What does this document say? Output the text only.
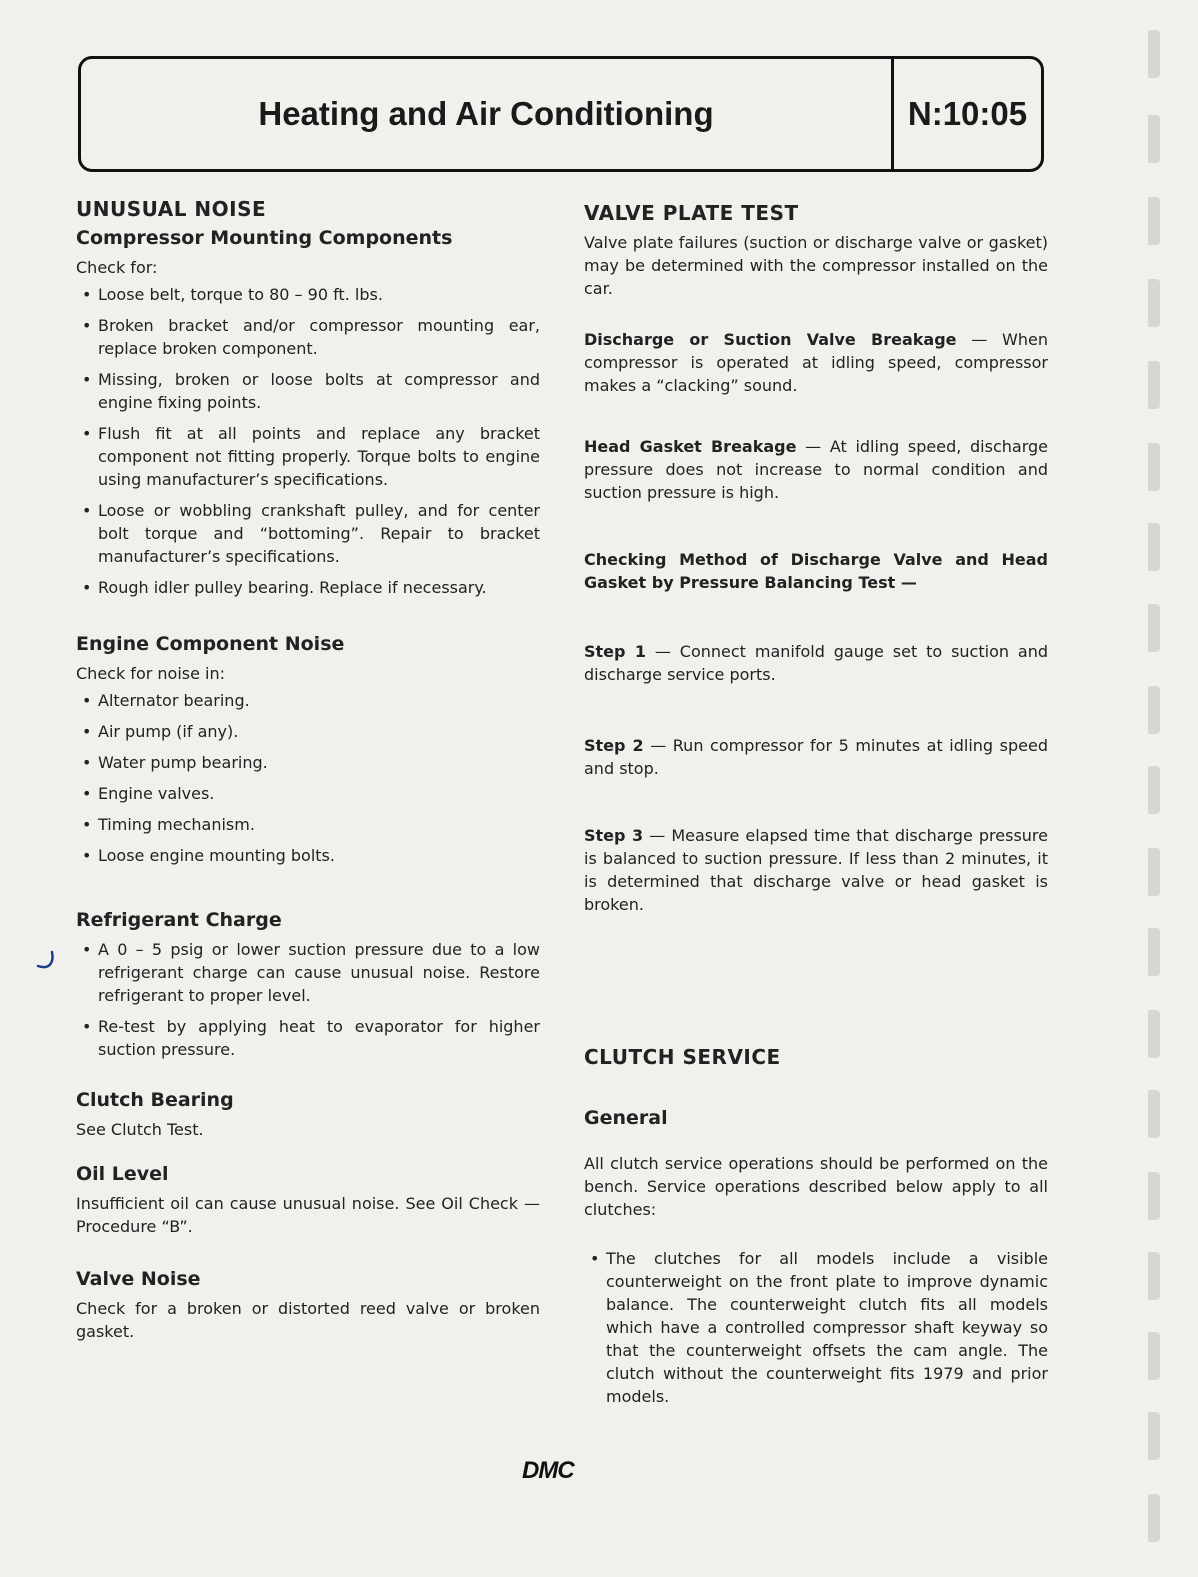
Heating and Air Conditioning	N:10:05
UNUSUAL NOISE
Compressor Mounting Components

Check for:

• Loose belt, torque to 80 – 90 ft. lbs.
• Broken bracket and/or compressor mounting ear, replace broken component.
• Missing, broken or loose bolts at compressor and engine fixing points.
• Flush fit at all points and replace any bracket component not fitting properly. Torque bolts to engine using manufacturer’s specifications.
• Loose or wobbling crankshaft pulley, and for center bolt torque and “bottoming”. Repair to bracket manufacturer’s specifications.
• Rough idler pulley bearing. Replace if necessary.
Engine Component Noise

Check for noise in:

• Alternator bearing.
• Air pump (if any).
• Water pump bearing.
• Engine valves.
• Timing mechanism.
• Loose engine mounting bolts.
Refrigerant Charge
• A 0 – 5 psig or lower suction pressure due to a low refrigerant charge can cause unusual noise. Restore refrigerant to proper level.
• Re-test by applying heat to evaporator for higher suction pressure.
Clutch Bearing

See Clutch Test.

Oil Level

Insufficient oil can cause unusual noise. See Oil Check — Procedure “B”.

Valve Noise

Check for a broken or distorted reed valve or broken gasket.

VALVE PLATE TEST

Valve plate failures (suction or discharge valve or gasket) may be determined with the compressor installed on the car.

Discharge or Suction Valve Breakage — When compressor is operated at idling speed, compressor makes a “clacking” sound.

Head Gasket Breakage — At idling speed, discharge pressure does not increase to normal condition and suction pressure is high.

Checking Method of Discharge Valve and Head Gasket by Pressure Balancing Test —

Step 1 — Connect manifold gauge set to suction and discharge service ports.

Step 2 — Run compressor for 5 minutes at idling speed and stop.

Step 3 — Measure elapsed time that discharge pressure is balanced to suction pressure. If less than 2 minutes, it is determined that discharge valve or head gasket is broken.

CLUTCH SERVICE
General

All clutch service operations should be performed on the bench. Service operations described below apply to all clutches:

• The clutches for all models include a visible counterweight on the front plate to improve dynamic balance. The counterweight clutch fits all models which have a controlled compressor shaft keyway so that the counterweight offsets the cam angle. The clutch without the counterweight fits 1979 and prior models.
DMC
